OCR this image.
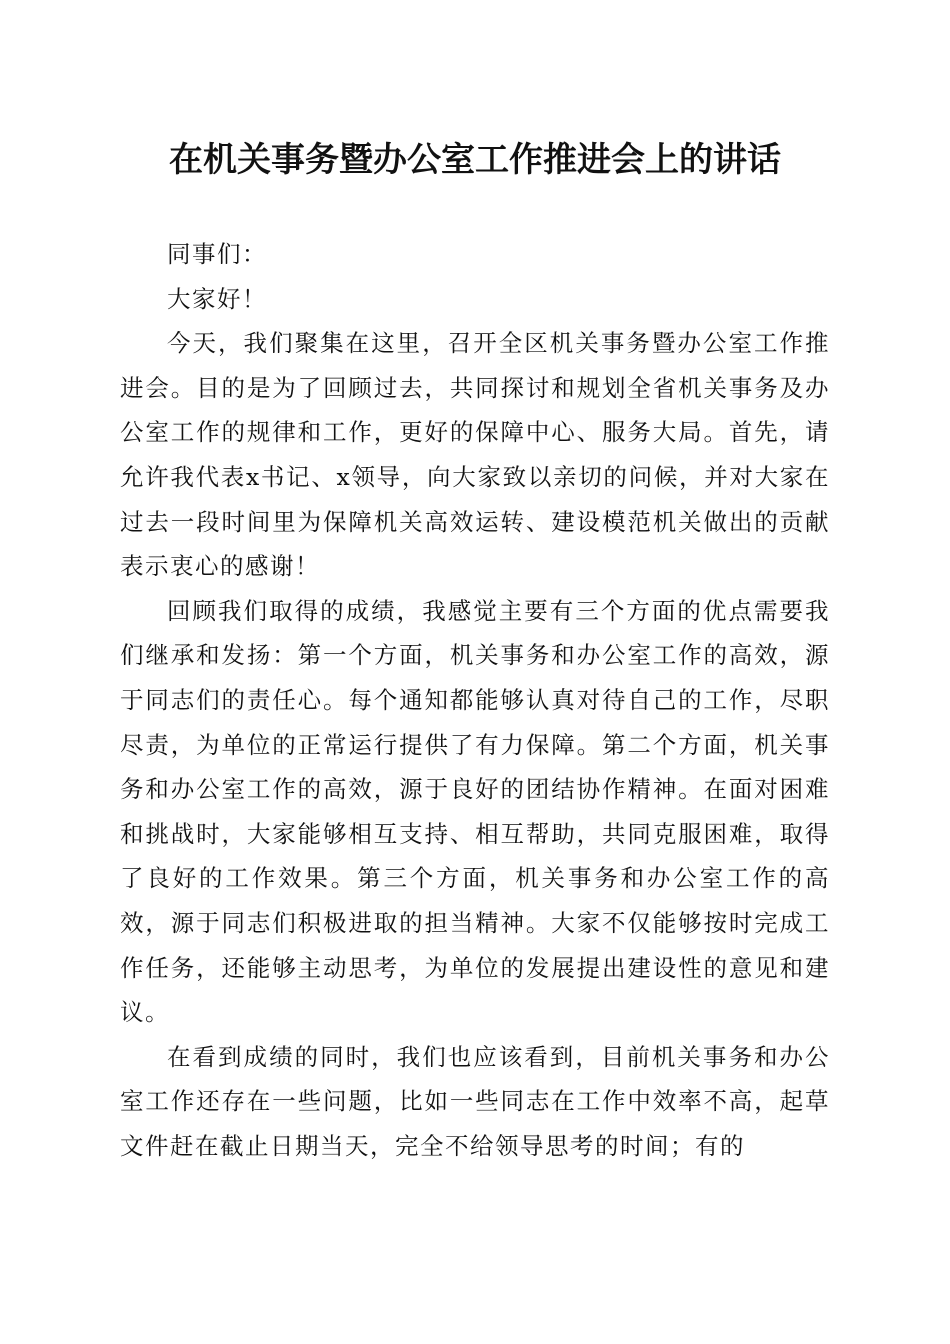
在机关事务暨办公室工作推进会上的讲话

同事们：

大家好！

今天，我们聚集在这里，召开全区机关事务暨办公室工作推进会。目的是为了回顾过去，共同探讨和规划全省机关事务及办公室工作的规律和工作，更好的保障中心、服务大局。首先，请允许我代表x书记、x领导，向大家致以亲切的问候，并对大家在过去一段时间里为保障机关高效运转、建设模范机关做出的贡献表示衷心的感谢！

回顾我们取得的成绩，我感觉主要有三个方面的优点需要我们继承和发扬：第一个方面，机关事务和办公室工作的高效，源于同志们的责任心。每个通知都能够认真对待自己的工作，尽职尽责，为单位的正常运行提供了有力保障。第二个方面，机关事务和办公室工作的高效，源于良好的团结协作精神。在面对困难和挑战时，大家能够相互支持、相互帮助，共同克服困难，取得了良好的工作效果。第三个方面，机关事务和办公室工作的高效，源于同志们积极进取的担当精神。大家不仅能够按时完成工作任务，还能够主动思考，为单位的发展提出建设性的意见和建议。

在看到成绩的同时，我们也应该看到，目前机关事务和办公室工作还存在一些问题，比如一些同志在工作中效率不高，起草文件赶在截止日期当天，完全不给领导思考的时间；有的
